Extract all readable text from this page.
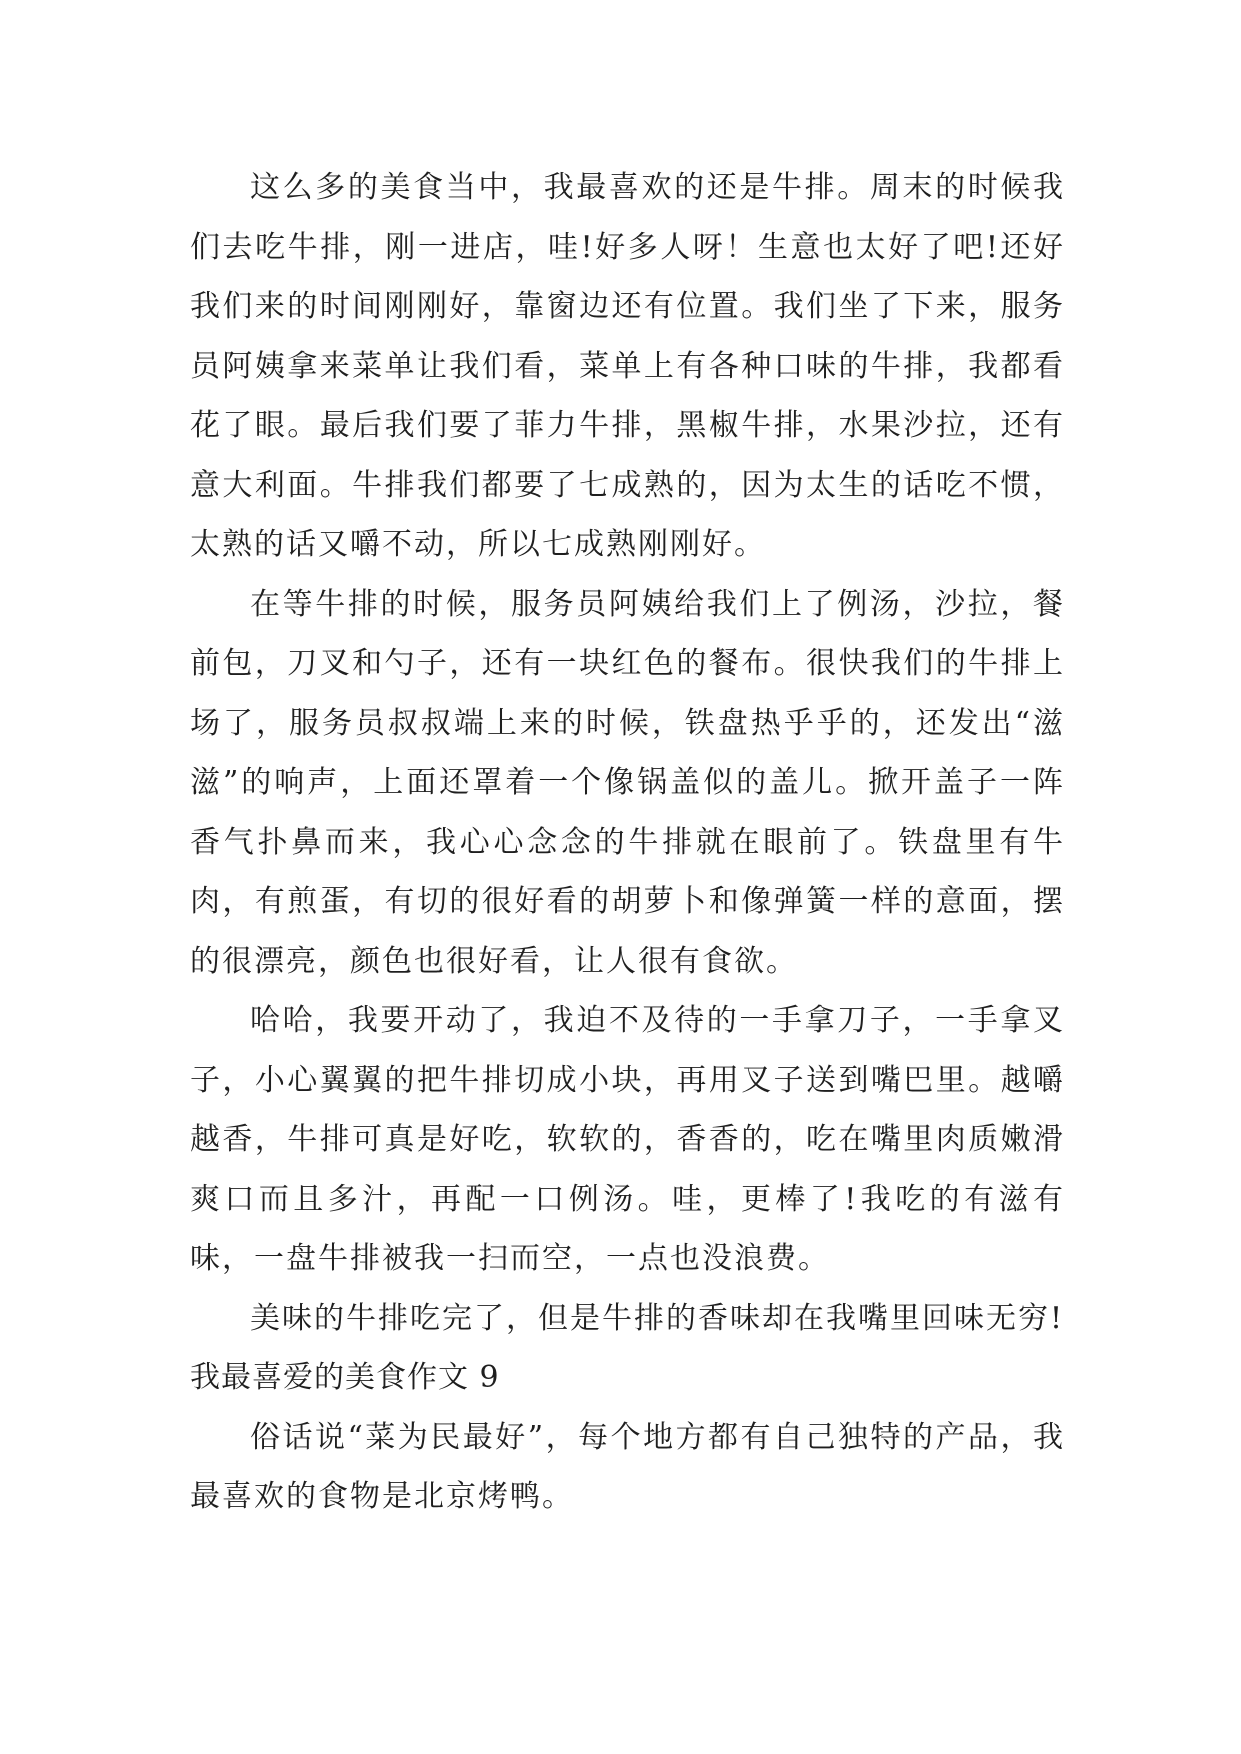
这么多的美食当中，我最喜欢的还是牛排。周末的时候我们去吃牛排，刚一进店，哇!好多人呀！生意也太好了吧!还好我们来的时间刚刚好，靠窗边还有位置。我们坐了下来，服务员阿姨拿来菜单让我们看，菜单上有各种口味的牛排，我都看花了眼。最后我们要了菲力牛排，黑椒牛排，水果沙拉，还有意大利面。牛排我们都要了七成熟的，因为太生的话吃不惯，太熟的话又嚼不动，所以七成熟刚刚好。

在等牛排的时候，服务员阿姨给我们上了例汤，沙拉，餐前包，刀叉和勺子，还有一块红色的餐布。很快我们的牛排上场了，服务员叔叔端上来的时候，铁盘热乎乎的，还发出“滋滋”的响声，上面还罩着一个像锅盖似的盖儿。掀开盖子一阵香气扑鼻而来，我心心念念的牛排就在眼前了。铁盘里有牛肉，有煎蛋，有切的很好看的胡萝卜和像弹簧一样的意面，摆的很漂亮，颜色也很好看，让人很有食欲。

哈哈，我要开动了，我迫不及待的一手拿刀子，一手拿叉子，小心翼翼的把牛排切成小块，再用叉子送到嘴巴里。越嚼越香，牛排可真是好吃，软软的，香香的，吃在嘴里肉质嫩滑爽口而且多汁，再配一口例汤。哇，更棒了!我吃的有滋有味，一盘牛排被我一扫而空，一点也没浪费。

美味的牛排吃完了，但是牛排的香味却在我嘴里回味无穷!

我最喜爱的美食作文 9

俗话说“菜为民最好”，每个地方都有自己独特的产品，我最喜欢的食物是北京烤鸭。
